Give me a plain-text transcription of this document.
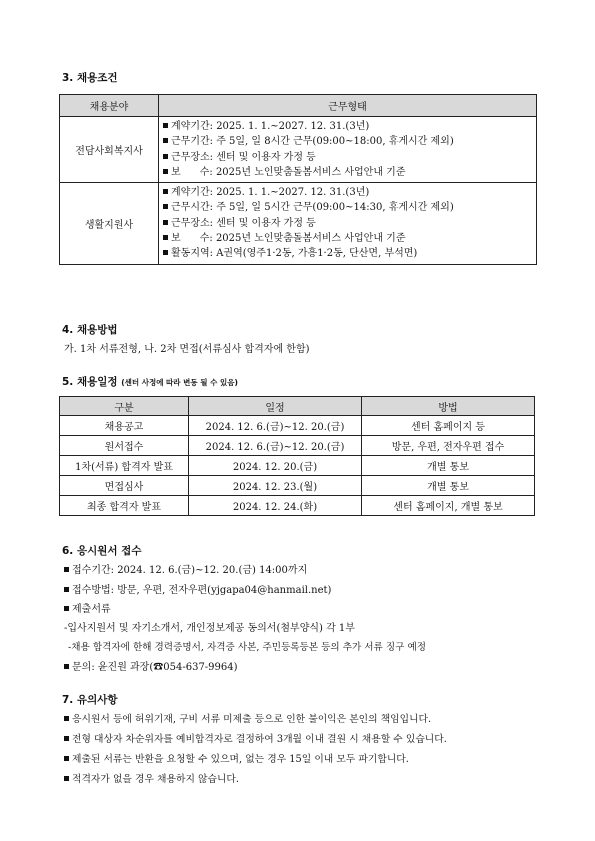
3. 채용조건
채용분야	근무형태
전담사회복지사	계약기간: 2025. 1. 1.~2027. 12. 31.(3년)
근무기간: 주 5일, 일 8시간 근무(09:00~18:00, 휴게시간 제외)
근무장소: 센터 및 이용자 가정 등
보      수: 2025년 노인맞춤돌봄서비스 사업안내 기준

생활지원사	계약기간: 2025. 1. 1.~2027. 12. 31.(3년)
근무시간: 주 5일, 일 5시간 근무(09:00~14:30, 휴게시간 제외)
근무장소: 센터 및 이용자 가정 등
보      수: 2025년 노인맞춤돌봄서비스 사업안내 기준
활동지역: A권역(영주1·2동, 가흥1·2동, 단산면, 부석면)
4. 채용방법
가. 1차 서류전형, 나. 2차 면접(서류심사 합격자에 한함)
5. 채용일정 (센터 사정에 따라 변동 될 수 있음)
구분	일정	방법
채용공고	2024. 12. 6.(금)~12. 20.(금)	센터 홈페이지 등
원서접수	2024. 12. 6.(금)~12. 20.(금)	방문, 우편, 전자우편 접수
1차(서류) 합격자 발표	2024. 12. 20.(금)	개별 통보
면접심사	2024. 12. 23.(월)	개별 통보
최종 합격자 발표	2024. 12. 24.(화)	센터 홈페이지, 개별 통보
6. 응시원서 접수
접수기간: 2024. 12. 6.(금)~12. 20.(금) 14:00까지
접수방법: 방문, 우편, 전자우편(yjgapa04@hanmail.net)
제출서류
-입사지원서 및 자기소개서, 개인정보제공 동의서(첨부양식) 각 1부
-채용 합격자에 한해 경력증명서, 자격증 사본, 주민등록등본 등의 추가 서류 징구 예정
문의: 윤진원 과장(☎054-637-9964)
7. 유의사항
응시원서 등에 허위기재, 구비 서류 미제출 등으로 인한 불이익은 본인의 책임입니다.
전형 대상자 차순위자를 예비합격자로 결정하여 3개월 이내 결원 시 채용할 수 있습니다.
제출된 서류는 반환을 요청할 수 있으며, 없는 경우 15일 이내 모두 파기합니다.
적격자가 없을 경우 채용하지 않습니다.
